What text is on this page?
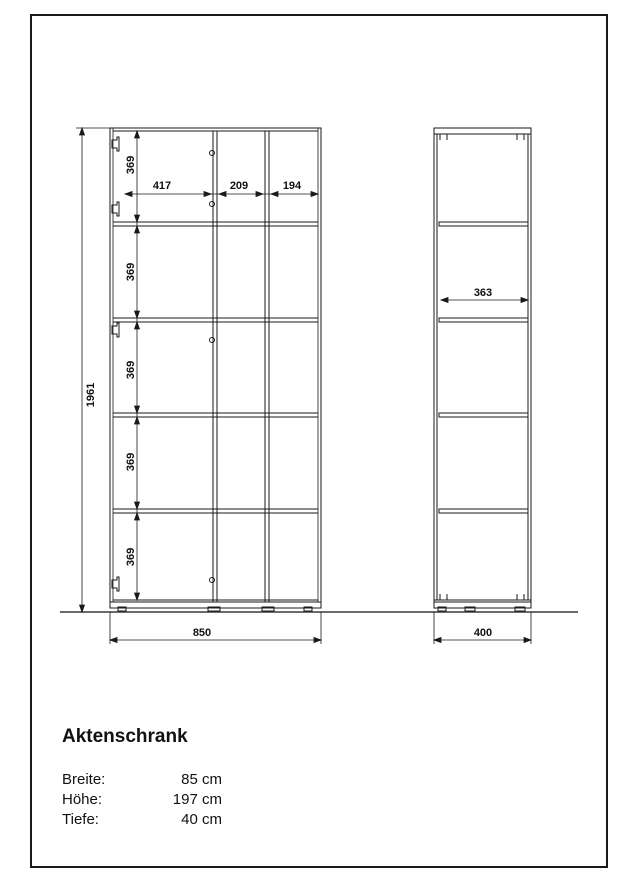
1961
417	209	194
369
369
369
369
369
850
363
400
Aktenschrank
Breite:	85 cm
Höhe:	197 cm
Tiefe:	40 cm
